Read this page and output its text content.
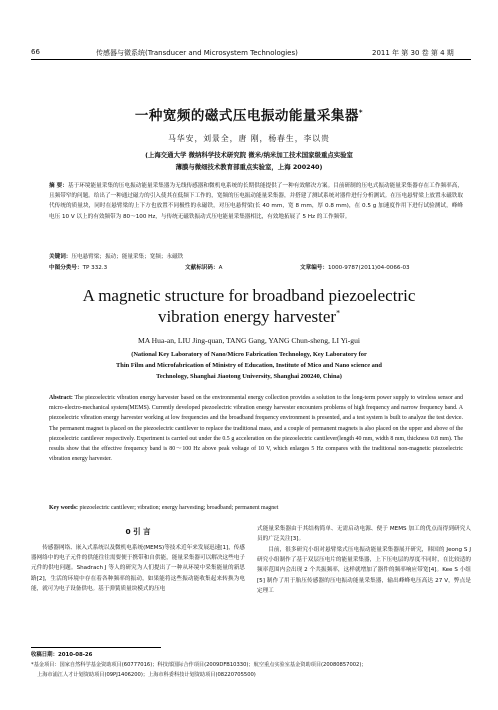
66	传感器与微系统(Transducer and Microsystem Technologies)	2011 年 第 30 卷 第 4 期
一种宽频的磁式压电振动能量采集器*
马华安，刘景全，唐 刚，杨春生，李以贵
(上海交通大学 微纳科学技术研究院 微米/纳米加工技术国家级重点实验室
薄膜与微细技术教育部重点实验室，上海 200240)
摘 要：基于环境能量采集的压电振动能量采集器为无线传感器和微机电系统的长期供能提供了一种有效解决方案。目前研制的压电式振动能量采集器存在工作频率高，且频带窄的问题。给出了一种通过磁力的引入使其在低频下工作的，宽频的压电振动能量采集器，并搭建了测试系统对器件进行分析测试。在压电悬臂梁上放置永磁铁取代传统的质量块，同时在悬臂梁的上下方也放置不同极性的永磁铁，对压电悬臂梁(长 40 mm，宽 8 mm，厚 0.8 mm)，在 0.5 g 加速度作用下进行试验测试，峰峰电压 10 V 以上的有效频带为 80～100 Hz，与传统无磁铁振动式压电能量采集器相比，有效地拓展了 5 Hz 的工作频带。
关键词：压电悬臂梁；振动；能量采集；宽频；永磁铁
中图分类号：TP 332.3	文献标识码：A	文章编号：1000-9787(2011)04-0066-03
A magnetic structure for broadband piezoelectric
vibration energy harvester*
MA Hua-an, LIU Jing-quan, TANG Gang, YANG Chun-sheng, LI Yi-gui
(National Key Laboratory of Nano/Micro Fabrication Technology, Key Laboratory for
Thin Film and Microfabrication of Ministry of Education, Institute of Mico and Nano science and
Technology, Shanghai Jiaotong University, Shanghai 200240, China)
Abstract: The piezoelectric vibration energy harvester based on the environmental energy collection provides a solution to the long-term power supply to wireless sensor and micro-electro-mechanical system(MEMS). Currently developed piezoelectric vibration energy harvester encounters problems of high frequency and narrow frequency band. A piezoelectric vibration energy harvester working at low frequencies and the broadband frequency environment is presented, and a test system is built to analyze the test device. The permanent magnet is placed on the piezoelectric cantilever to replace the traditional mass, and a couple of permanent magnets is also placed on the upper and above of the piezoelectric cantilever respectively. Experiment is carried out under the 0.5 g acceleration on the piezoelectric cantilever(length 40 mm, width 8 mm, thickness 0.8 mm). The results show that the effective frequency band is 80～100 Hz above peak voltage of 10 V, which enlarges 5 Hz compares with the traditional non-magnetic piezoelectric vibration energy harvester.
Key words: piezoelectric cantilever; vibration; energy harvesting; broadband; permanent magnet
0 引 言
传感器网络、嵌入式系统以及微机电系统(MEMS)等技术近年来发展迅速[1]，传感器网络中的电子元件的供能往往需要便于携带和自供能，能量采集器可以解决这些电子元件的供电问题。Shadrach J 等人的研究为人们提出了一种从环境中采集能量的新思路[2]，生活的环境中存在着各种频率的振动，如果能将这些振动能收集起来转换为电能，就可为电子设备供电。基于弹簧质量块模式的压电
式能量采集器由于其结构简单、无需启动电源、便于 MEMS 加工的优点而得到研究人员的广泛关注[3]。
目前，很多研究小组对悬臂梁式压电振动能量采集器展开研究，韩国的 Jeong S J 研究小组制作了基于双层压电片的能量采集器，上下压电层的厚度不同时，在比较适的频率范围内会出现 2 个共振频率，这样就增加了器件的频率响应带宽[4]。Kee S 小组[5] 制作了用于胎压传感器的压电振动能量采集器，输出峰峰电压高达 27 V，弊点是定理工
收稿日期：2010-08-26
*基金项目：国家自然科学基金资助项目(60777016)；科技部国际合作项目(2009DFB10330)；航空重点实验室基金资助项目(20080857002)；
上海市浦江人才计划资助项目(09PJ1406200)；上海市科委科技计划资助项目(08220705500)
